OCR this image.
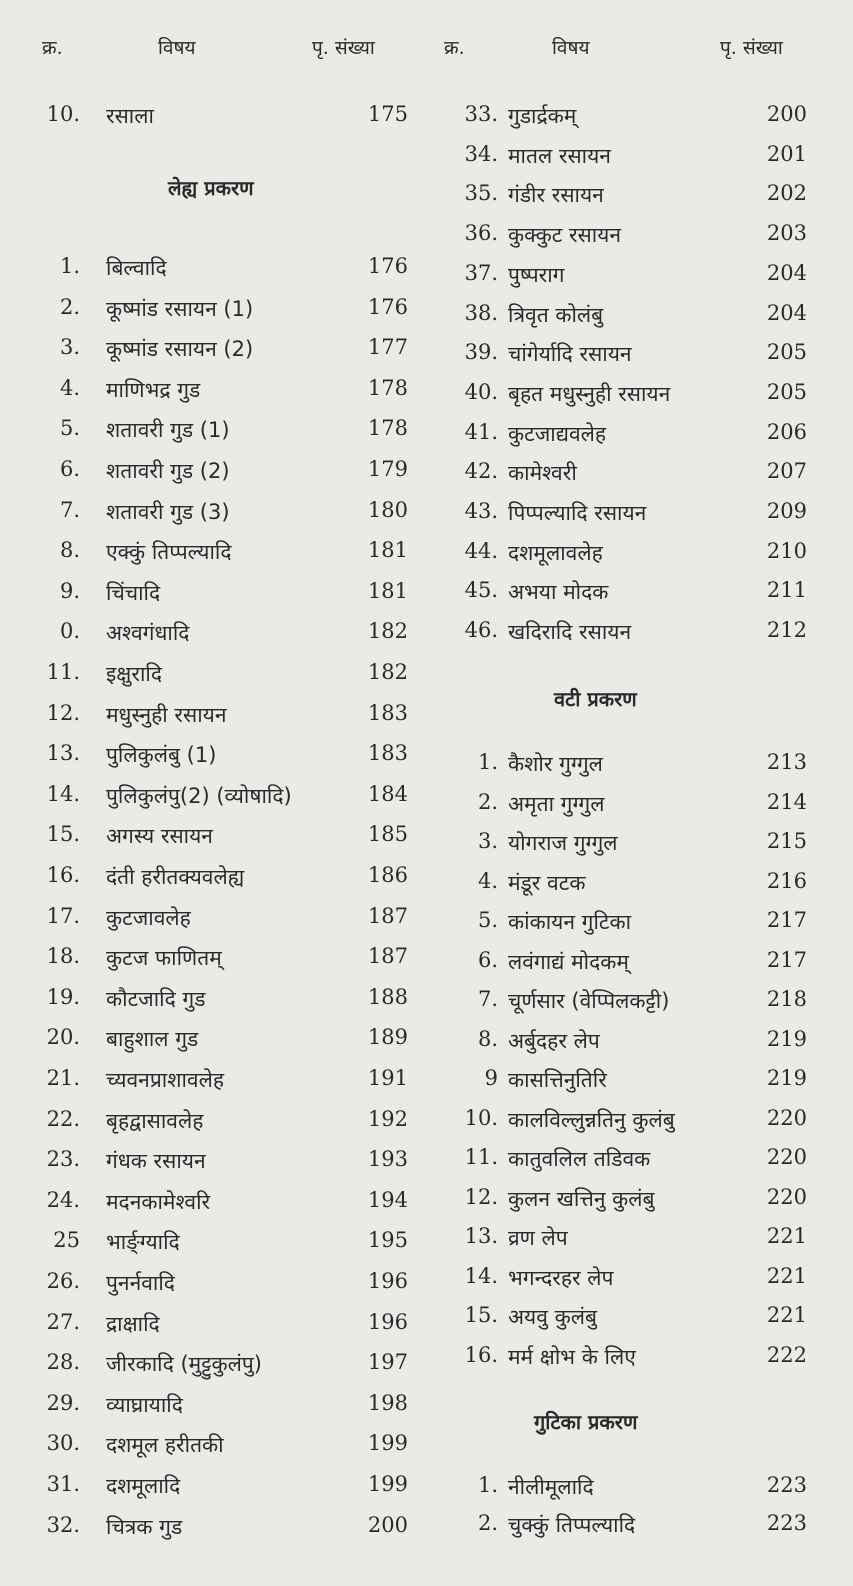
क्र.	विषय	पृ. संख्या
10. रसाला	175
लेह्य प्रकरण
1. बिल्वादि	176
2. कूष्मांड रसायन (1)	176
3. कूष्मांड रसायन (2)	177
4. माणिभद्र गुड	178
5. शतावरी गुड (1)	178
6. शतावरी गुड (2)	179
7. शतावरी गुड (3)	180
8. एक्कुं तिप्पल्यादि	181
9. चिंचादि	181
0. अश्वगंधादि	182
11. इक्षुरादि	182
12. मधुस्नुही रसायन	183
13. पुलिकुलंबु (1)	183
14. पुलिकुलंपु(2) (व्योषादि)	184
15. अगस्य रसायन	185
16. दंती हरीतक्यवलेह्य	186
17. कुटजावलेह	187
18. कुटज फाणितम्	187
19. कौटजादि गुड	188
20. बाहुशाल गुड	189
21. च्यवनप्राशावलेह	191
22. बृहद्वासावलेह	192
23. गंधक रसायन	193
24. मदनकामेश्वरि	194
25 भार्ङ्ग्यादि	195
26. पुनर्नवादि	196
27. द्राक्षादि	196
28. जीरकादि (मुट्टुकुलंपु)	197
29. व्याघ्रायादि	198
30. दशमूल हरीतकी	199
31. दशमूलादि	199
32. चित्रक गुड	200
क्र.	विषय	पृ. संख्या
33. गुडार्द्रकम्	200
34. मातल रसायन	201
35. गंडीर रसायन	202
36. कुक्कुट रसायन	203
37. पुष्पराग	204
38. त्रिवृत कोलंबु	204
39. चांगेर्यादि रसायन	205
40. बृहत मधुस्नुही रसायन	205
41. कुटजाद्यवलेह	206
42. कामेश्वरी	207
43. पिप्पल्यादि रसायन	209
44. दशमूलावलेह	210
45. अभया मोदक	211
46. खदिरादि रसायन	212
वटी प्रकरण
1. कैशोर गुग्गुल	213
2. अमृता गुग्गुल	214
3. योगराज गुग्गुल	215
4. मंडूर वटक	216
5. कांकायन गुटिका	217
6. लवंगाद्यं मोदकम्	217
7. चूर्णसार (वेप्पिलकट्टी)	218
8. अर्बुदहर लेप	219
9 कासत्तिनुतिरि	219
10. कालविल्लुन्नतिनु कुलंबु	220
11. कातुवलिल तडिवक	220
12. कुलन खत्तिनु कुलंबु	220
13. व्रण लेप	221
14. भगन्दरहर लेप	221
15. अयवु कुलंबु	221
16. मर्म क्षोभ के लिए	222
गुटिका प्रकरण
1. नीलीमूलादि	223
2. चुक्कुं तिप्पल्यादि	223
